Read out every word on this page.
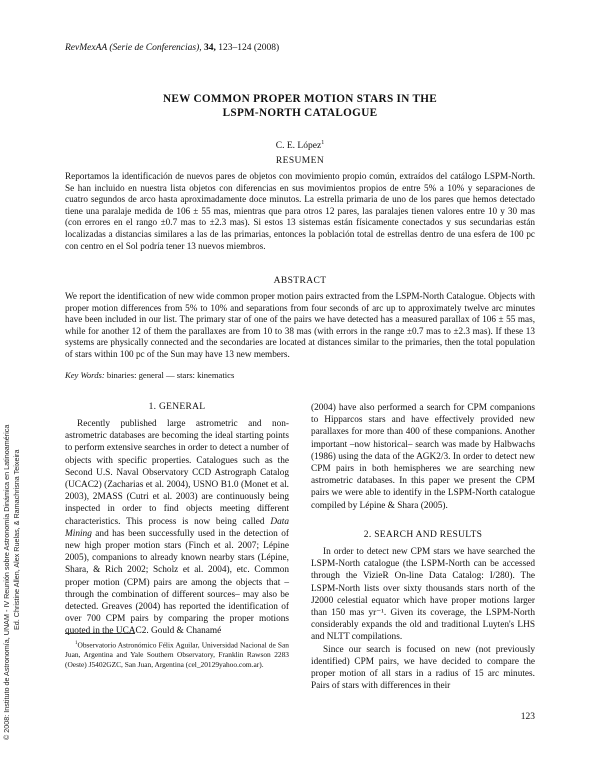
RevMexAA (Serie de Conferencias), 34, 123–124 (2008)
© 2008: Instituto de Astronomía, UNAM - IV Reunión sobre Astronomía Dinámica en Latinoamérica Ed. Christine Allen, Alex Ruelas, & Ramachrisna Teixeira
NEW COMMON PROPER MOTION STARS IN THE
LSPM-NORTH CATALOGUE
C. E. López$^1$
RESUMEN
Reportamos la identificación de nuevos pares de objetos con movimiento propio común, extraídos del catálogo LSPM-North. Se han incluido en nuestra lista objetos con diferencias en sus movimientos propios de entre 5% a 10% y separaciones de cuatro segundos de arco hasta aproximadamente doce minutos. La estrella primaria de uno de los pares que hemos detectado tiene una paralaje medida de 106 ± 55 mas, mientras que para otros 12 pares, las paralajes tienen valores entre 10 y 30 mas (con errores en el rango ±0.7 mas to ±2.3 mas). Si estos 13 sistemas están físicamente conectados y sus secundarias están localizadas a distancias similares a las de las primarias, entonces la población total de estrellas dentro de una esfera de 100 pc con centro en el Sol podría tener 13 nuevos miembros.
ABSTRACT
We report the identification of new wide common proper motion pairs extracted from the LSPM-North Catalogue. Objects with proper motion differences from 5% to 10% and separations from four seconds of arc up to approximately twelve arc minutes have been included in our list. The primary star of one of the pairs we have detected has a measured parallax of 106 ± 55 mas, while for another 12 of them the parallaxes are from 10 to 38 mas (with errors in the range ±0.7 mas to ±2.3 mas). If these 13 systems are physically connected and the secondaries are located at distances similar to the primaries, then the total population of stars within 100 pc of the Sun may have 13 new members.
Key Words: binaries: general — stars: kinematics
1. GENERAL

Recently published large astrometric and non-astrometric databases are becoming the ideal starting points to perform extensive searches in order to detect a number of objects with specific properties. Catalogues such as the Second U.S. Naval Observatory CCD Astrograph Catalog (UCAC2) (Zacharias et al. 2004), USNO B1.0 (Monet et al. 2003), 2MASS (Cutri et al. 2003) are continuously being inspected in order to find objects meeting different characteristics. This process is now being called Data Mining and has been successfully used in the detection of new high proper motion stars (Finch et al. 2007; Lépine 2005), companions to already known nearby stars (Lépine, Shara, & Rich 2002; Scholz et al. 2004), etc. Common proper motion (CPM) pairs are among the objects that –through the combination of different sources– may also be detected. Greaves (2004) has reported the identification of over 700 CPM pairs by comparing the proper motions quoted in the UCAC2. Gould & Chanamé

$^1$Observatorio Astronómico Félix Aguilar, Universidad Nacional de San Juan, Argentina and Yale Southern Observatory, Franklin Rawson 2283 (Oeste) J5402GZC, San Juan, Argentina (cel_20129yahoo.com.ar).

(2004) have also performed a search for CPM companions to Hipparcos stars and have effectively provided new parallaxes for more than 400 of these companions. Another important –now historical– search was made by Halbwachs (1986) using the data of the AGK2/3. In order to detect new CPM pairs in both hemispheres we are searching new astrometric databases. In this paper we present the CPM pairs we were able to identify in the LSPM-North catalogue compiled by Lépine & Shara (2005).

2. SEARCH AND RESULTS

In order to detect new CPM stars we have searched the LSPM-North catalogue (the LSPM-North can be accessed through the VizieR On-line Data Catalog: I/280). The LSPM-North lists over sixty thousands stars north of the J2000 celestial equator which have proper motions larger than 150 mas yr⁻¹. Given its coverage, the LSPM-North considerably expands the old and traditional Luyten's LHS and NLTT compilations.

Since our search is focused on new (not previously identified) CPM pairs, we have decided to compare the proper motion of all stars in a radius of 15 arc minutes. Pairs of stars with differences in their

123
